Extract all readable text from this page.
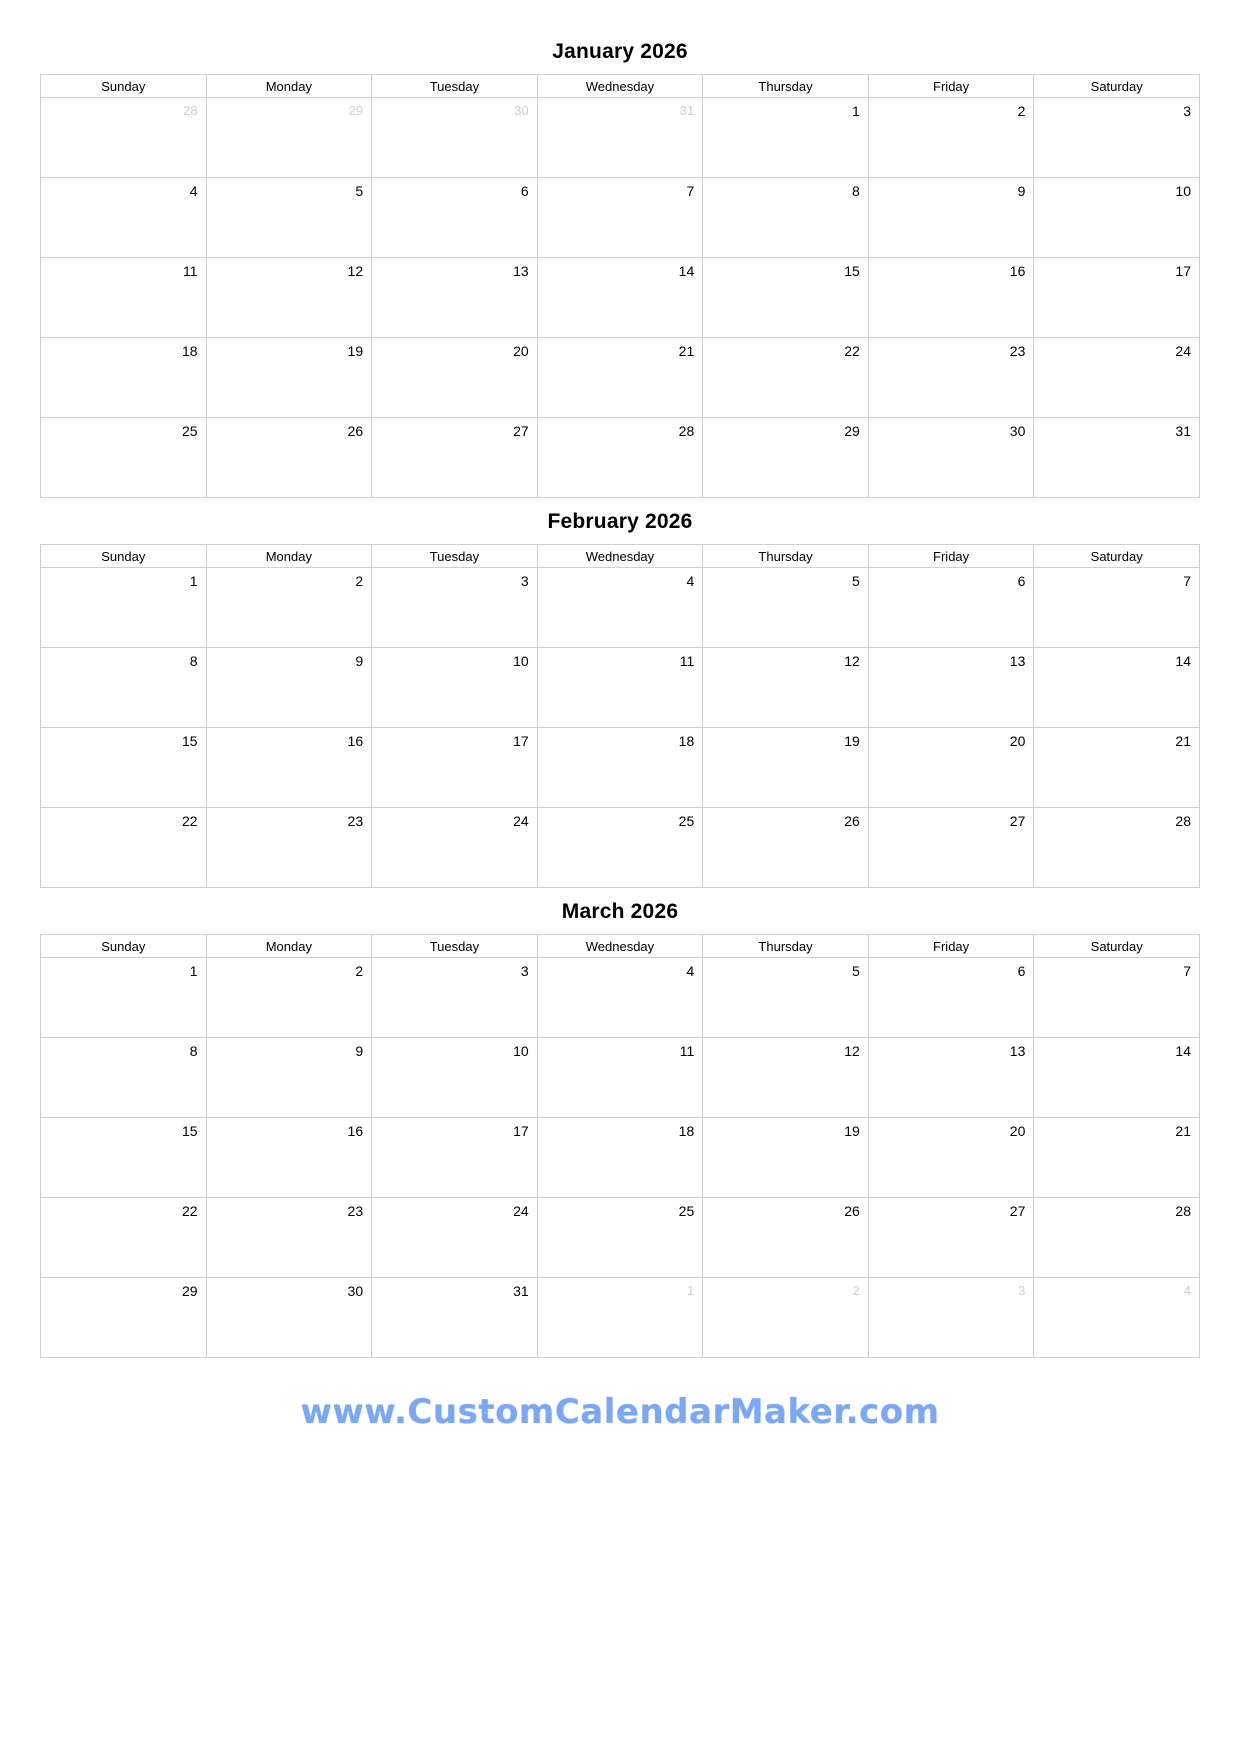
January 2026
Sunday	Monday	Tuesday	Wednesday	Thursday	Friday	Saturday
28	29	30	31	1	2	3
4	5	6	7	8	9	10
11	12	13	14	15	16	17
18	19	20	21	22	23	24
25	26	27	28	29	30	31
February 2026
Sunday	Monday	Tuesday	Wednesday	Thursday	Friday	Saturday
1	2	3	4	5	6	7
8	9	10	11	12	13	14
15	16	17	18	19	20	21
22	23	24	25	26	27	28
March 2026
Sunday	Monday	Tuesday	Wednesday	Thursday	Friday	Saturday
1	2	3	4	5	6	7
8	9	10	11	12	13	14
15	16	17	18	19	20	21
22	23	24	25	26	27	28
29	30	31	1	2	3	4
www.CustomCalendarMaker.com
